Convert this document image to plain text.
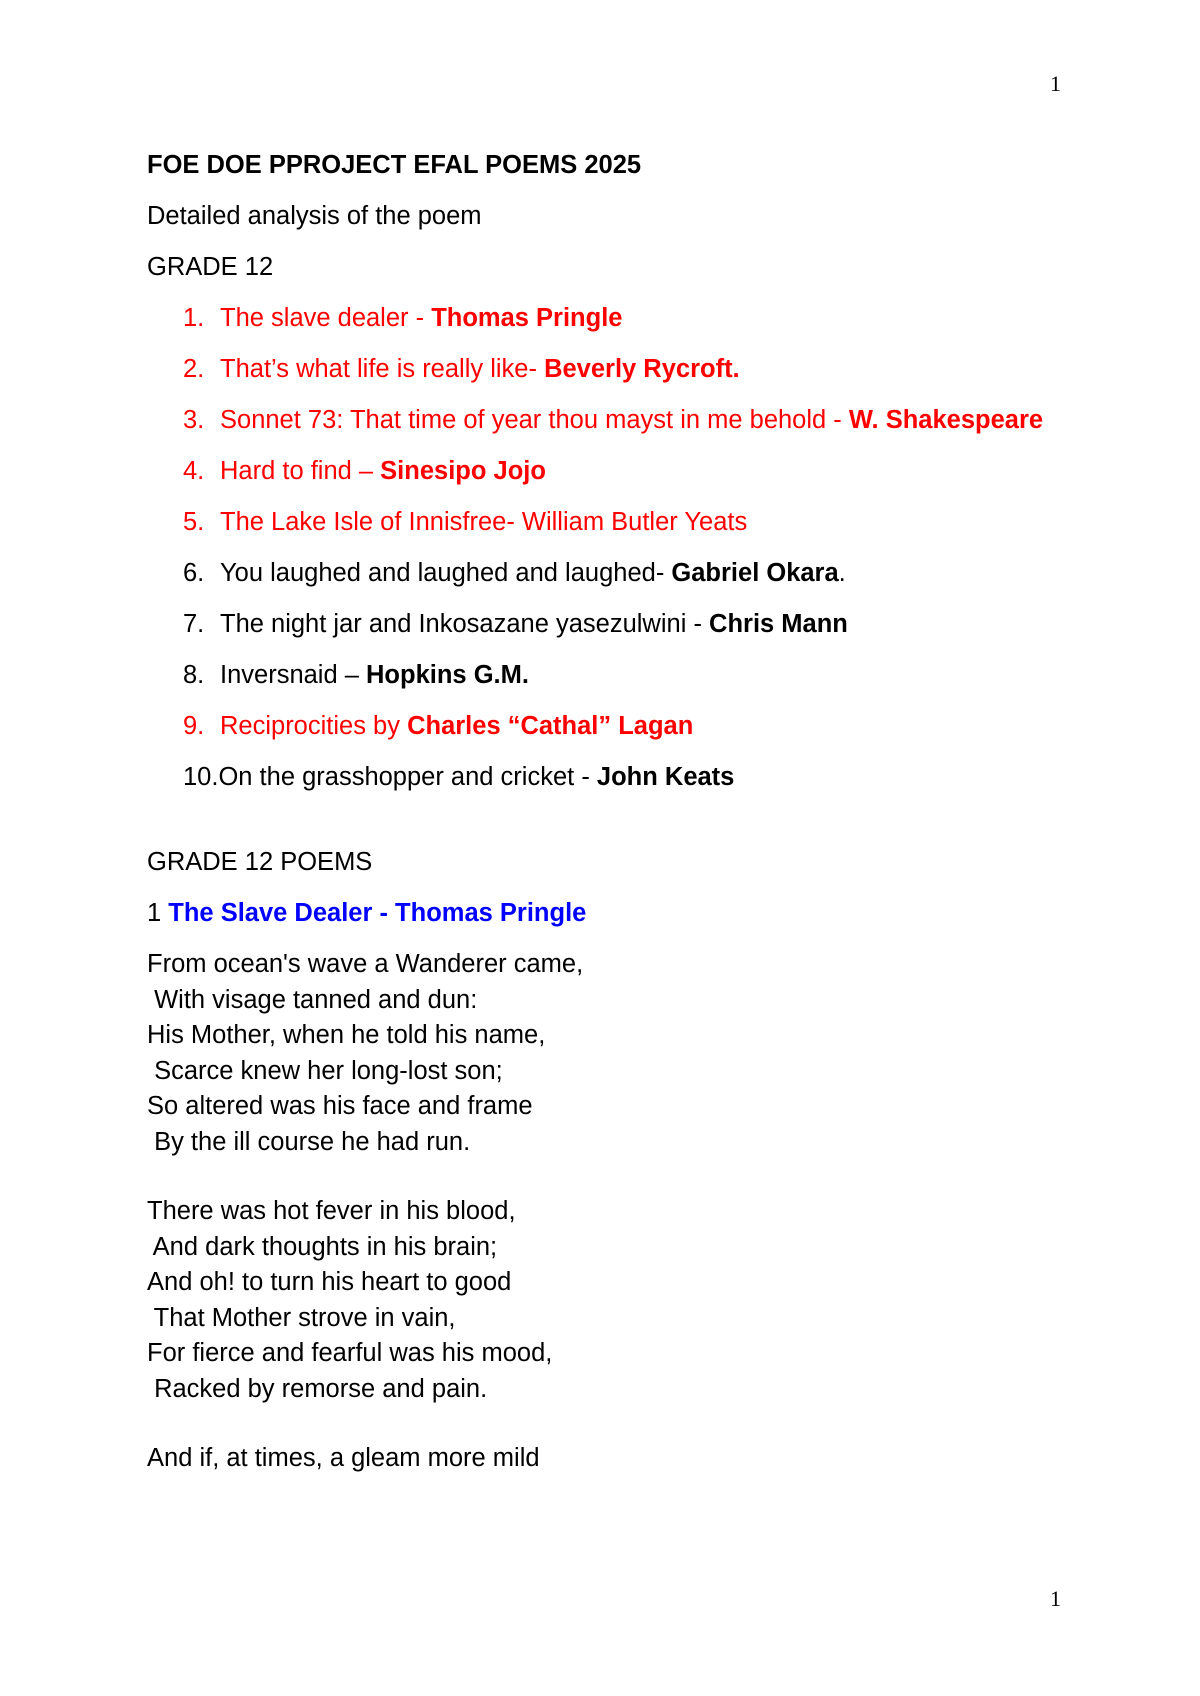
1
FOE DOE PPROJECT EFAL POEMS 2025
Detailed analysis of the poem
GRADE 12
1. The slave dealer - Thomas Pringle
2. That’s what life is really like- Beverly Rycroft.
3. Sonnet 73: That time of year thou mayst in me behold - W. Shakespeare
4. Hard to find – Sinesipo Jojo
5. The Lake Isle of Innisfree- William Butler Yeats
6. You laughed and laughed and laughed- Gabriel Okara.
7. The night jar and Inkosazane yasezulwini - Chris Mann
8. Inversnaid – Hopkins G.M.
9. Reciprocities by Charles “Cathal” Lagan
10.On the grasshopper and cricket - John Keats
GRADE 12 POEMS
1 The Slave Dealer - Thomas Pringle
From ocean's wave a Wanderer came,
With visage tanned and dun:
His Mother, when he told his name,
Scarce knew her long-lost son;
So altered was his face and frame
By the ill course he had run.
There was hot fever in his blood,
And dark thoughts in his brain;
And oh! to turn his heart to good
That Mother strove in vain,
For fierce and fearful was his mood,
Racked by remorse and pain.
And if, at times, a gleam more mild
1
